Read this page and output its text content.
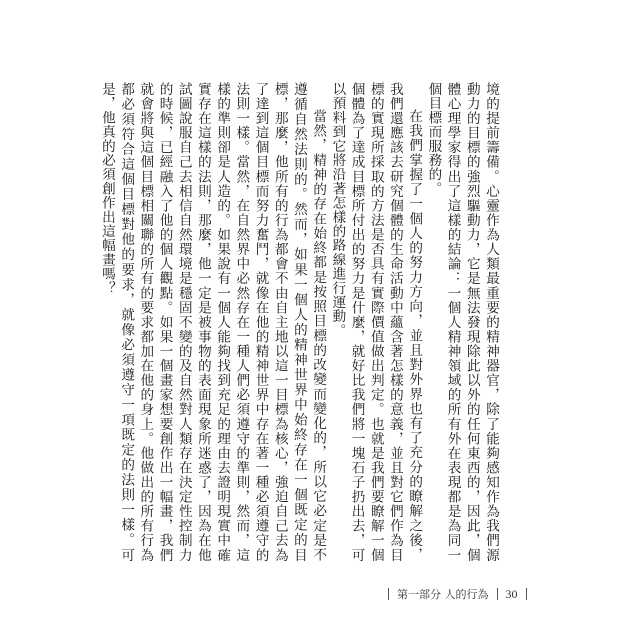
境的提前籌備。心靈作為人類最重要的精神器官，除了能夠感知作為我們源動力的目標的強烈驅動力，它是無法發現除此以外的任何東西的，因此，個體心理學家得出了這樣的結論：一個人精神領域的所有外在表現都是為同一個目標而服務的。

在我們掌握了一個人的努力方向，並且對外界也有了充分的瞭解之後，我們還應該去研究個體的生命活動中蘊含著怎樣的意義，並且對它們作為目標的實現所採取的方法是否具有實際價值做出判定。也就是我們要瞭解一個個體為了達成目標所付出的努力是什麼，就好比我們將一塊石子扔出去，可以預料到它將沿著怎樣的路線進行運動。

當然，精神的存在始終都是按照目標的改變而變化的，所以它必定是不遵循自然法則的。然而，如果一個人的精神世界中始終存在一個既定的目標，那麼，他所有的行為都會不由自主地以這一目標為核心，強迫自己去為了達到這個目標而努力奮鬥，就像在他的精神世界中存在著一種必須遵守的法則一樣。當然，在自然界中必然存在一種人們必須遵守的準則，然而，這樣的準則卻是人造的。如果說有一個人能夠找到充足的理由去證明現實中確實存在這樣的法則，那麼，他一定是被事物的表面現象所迷惑了，因為在他試圖說服自己去相信自然環境是穩固不變的及自然對人類存在決定性控制力的時候，已經融入了他的個人觀點。如果一個畫家想要創作出一幅畫，我們就會將與這個目標相關聯的所有的要求都加在他的身上。他做出的所有行為都必須符合這個目標對他的要求，就像必須遵守一項既定的法則一樣。可是，他真的必須創作出這幅畫嗎？

第一部分 人的行為 30
